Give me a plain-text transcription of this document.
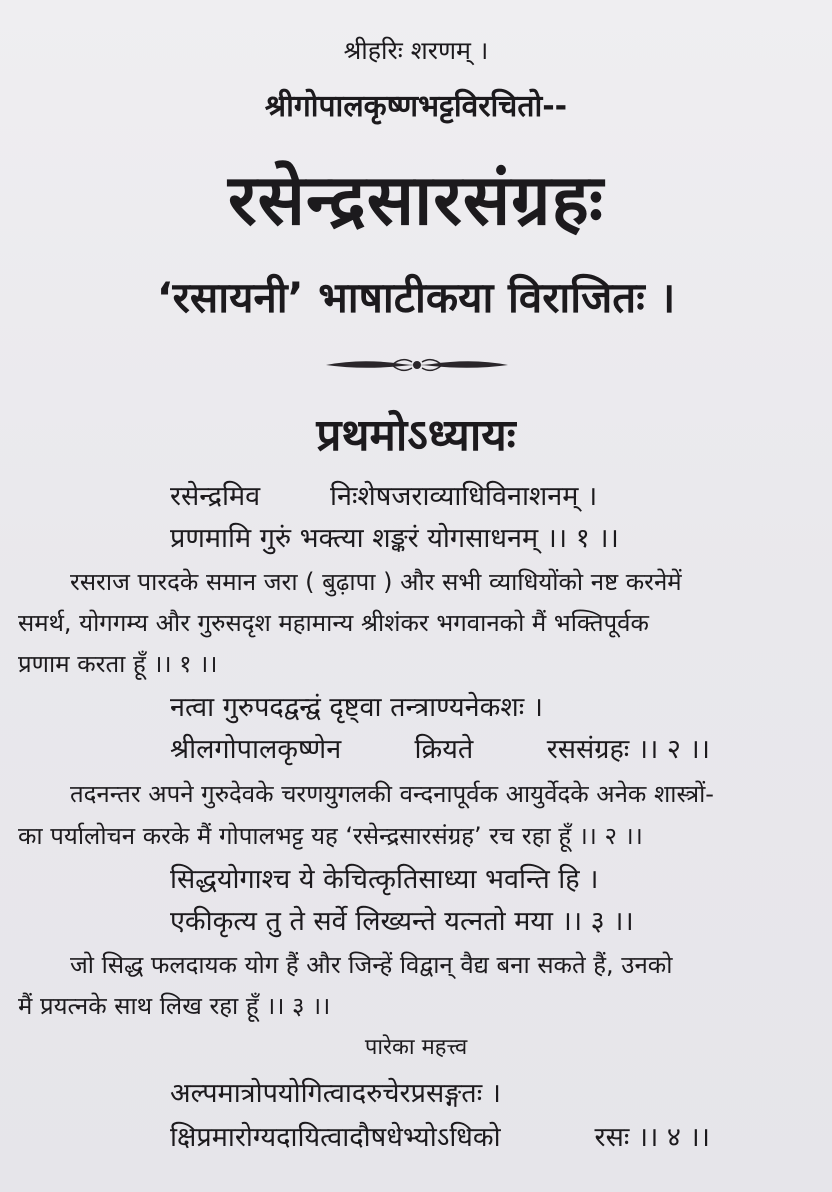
श्रीहरिः शरणम् ।
श्रीगोपालकृष्णभट्टविरचितो--
रसेन्द्रसारसंग्रहः
‘रसायनी’ भाषाटीकया विराजितः ।
प्रथमोऽध्यायः
रसेन्द्रमिव	निःशेषजराव्याधिविनाशनम् ।
प्रणमामि गुरुं भक्त्या शङ्करं योगसाधनम् ।। १ ।।
रसराज पारदके समान जरा ( बुढ़ापा ) और सभी व्याधियोंको नष्ट करनेमें
समर्थ, योगगम्य और गुरुसदृश महामान्य श्रीशंकर भगवानको मैं भक्तिपूर्वक
प्रणाम करता हूँ ।। १ ।।
नत्वा गुरुपदद्वन्द्वं दृष्ट्वा तन्त्राण्यनेकशः ।
श्रीलगोपालकृष्णेन	क्रियते	रससंग्रहः ।। २ ।।
तदनन्तर अपने गुरुदेवके चरणयुगलकी वन्दनापूर्वक आयुर्वेदके अनेक शास्त्रों-
का पर्यालोचन करके मैं गोपालभट्ट यह ‘रसेन्द्रसारसंग्रह’ रच रहा हूँ ।। २ ।।
सिद्धयोगाश्च ये केचित्कृतिसाध्या भवन्ति हि ।
एकीकृत्य तु ते सर्वे लिख्यन्ते यत्नतो मया ।। ३ ।।
जो सिद्ध फलदायक योग हैं और जिन्हें विद्वान् वैद्य बना सकते हैं, उनको
मैं प्रयत्नके साथ लिख रहा हूँ ।। ३ ।।
पारेका महत्त्व
अल्पमात्रोपयोगित्वादरुचेरप्रसङ्गतः ।
क्षिप्रमारोग्यदायित्वादौषधेभ्योऽधिको	रसः ।। ४ ।।
